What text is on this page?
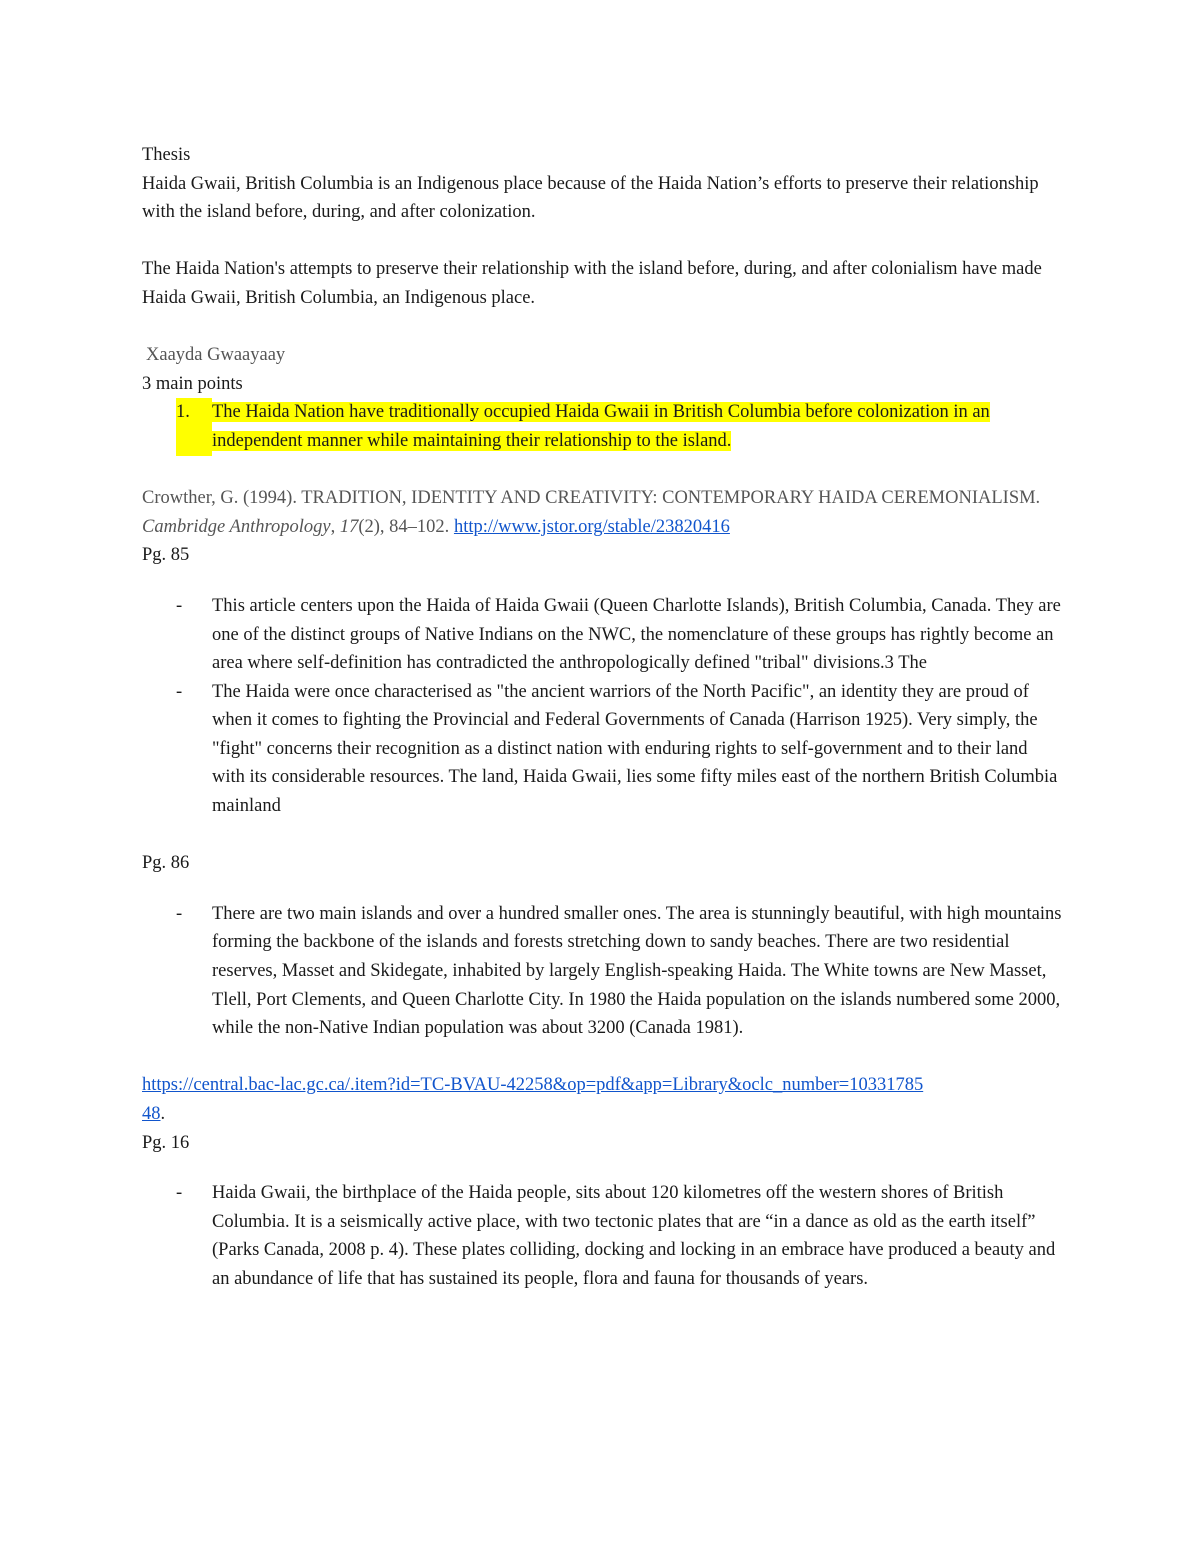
Thesis

Haida Gwaii, British Columbia is an Indigenous place because of the Haida Nation’s efforts to preserve their relationship with the island before, during, and after colonization.

The Haida Nation's attempts to preserve their relationship with the island before, during, and after colonialism have made Haida Gwaii, British Columbia, an Indigenous place.

Xaayda Gwaayaay

3 main points

1.	The Haida Nation have traditionally occupied Haida Gwaii in British Columbia before colonization in an independent manner while maintaining their relationship to the island.

Crowther, G. (1994). TRADITION, IDENTITY AND CREATIVITY: CONTEMPORARY HAIDA CEREMONIALISM. Cambridge Anthropology, 17(2), 84–102. http://www.jstor.org/stable/23820416

Pg. 85

-	This article centers upon the Haida of Haida Gwaii (Queen Charlotte Islands), British Columbia, Canada. They are one of the distinct groups of Native Indians on the NWC, the nomenclature of these groups has rightly become an area where self-definition has contradicted the anthropologically defined "tribal" divisions.3 The
-	The Haida were once characterised as "the ancient warriors of the North Pacific", an identity they are proud of when it comes to fighting the Provincial and Federal Governments of Canada (Harrison 1925). Very simply, the "fight" concerns their recognition as a distinct nation with enduring rights to self-government and to their land with its considerable resources. The land, Haida Gwaii, lies some fifty miles east of the northern British Columbia mainland

Pg. 86

-	There are two main islands and over a hundred smaller ones. The area is stunningly beautiful, with high mountains forming the backbone of the islands and forests stretching down to sandy beaches. There are two residential reserves, Masset and Skidegate, inhabited by largely English-speaking Haida. The White towns are New Masset, Tlell, Port Clements, and Queen Charlotte City. In 1980 the Haida population on the islands numbered some 2000, while the non-Native Indian population was about 3200 (Canada 1981).

https://central.bac-lac.gc.ca/.item?id=TC-BVAU-42258&op=pdf&app=Library&oclc_number=10331785
48.

Pg. 16

-	Haida Gwaii, the birthplace of the Haida people, sits about 120 kilometres off the western shores of British Columbia. It is a seismically active place, with two tectonic plates that are “in a dance as old as the earth itself” (Parks Canada, 2008 p. 4). These plates colliding, docking and locking in an embrace have produced a beauty and an abundance of life that has sustained its people, flora and fauna for thousands of years.
